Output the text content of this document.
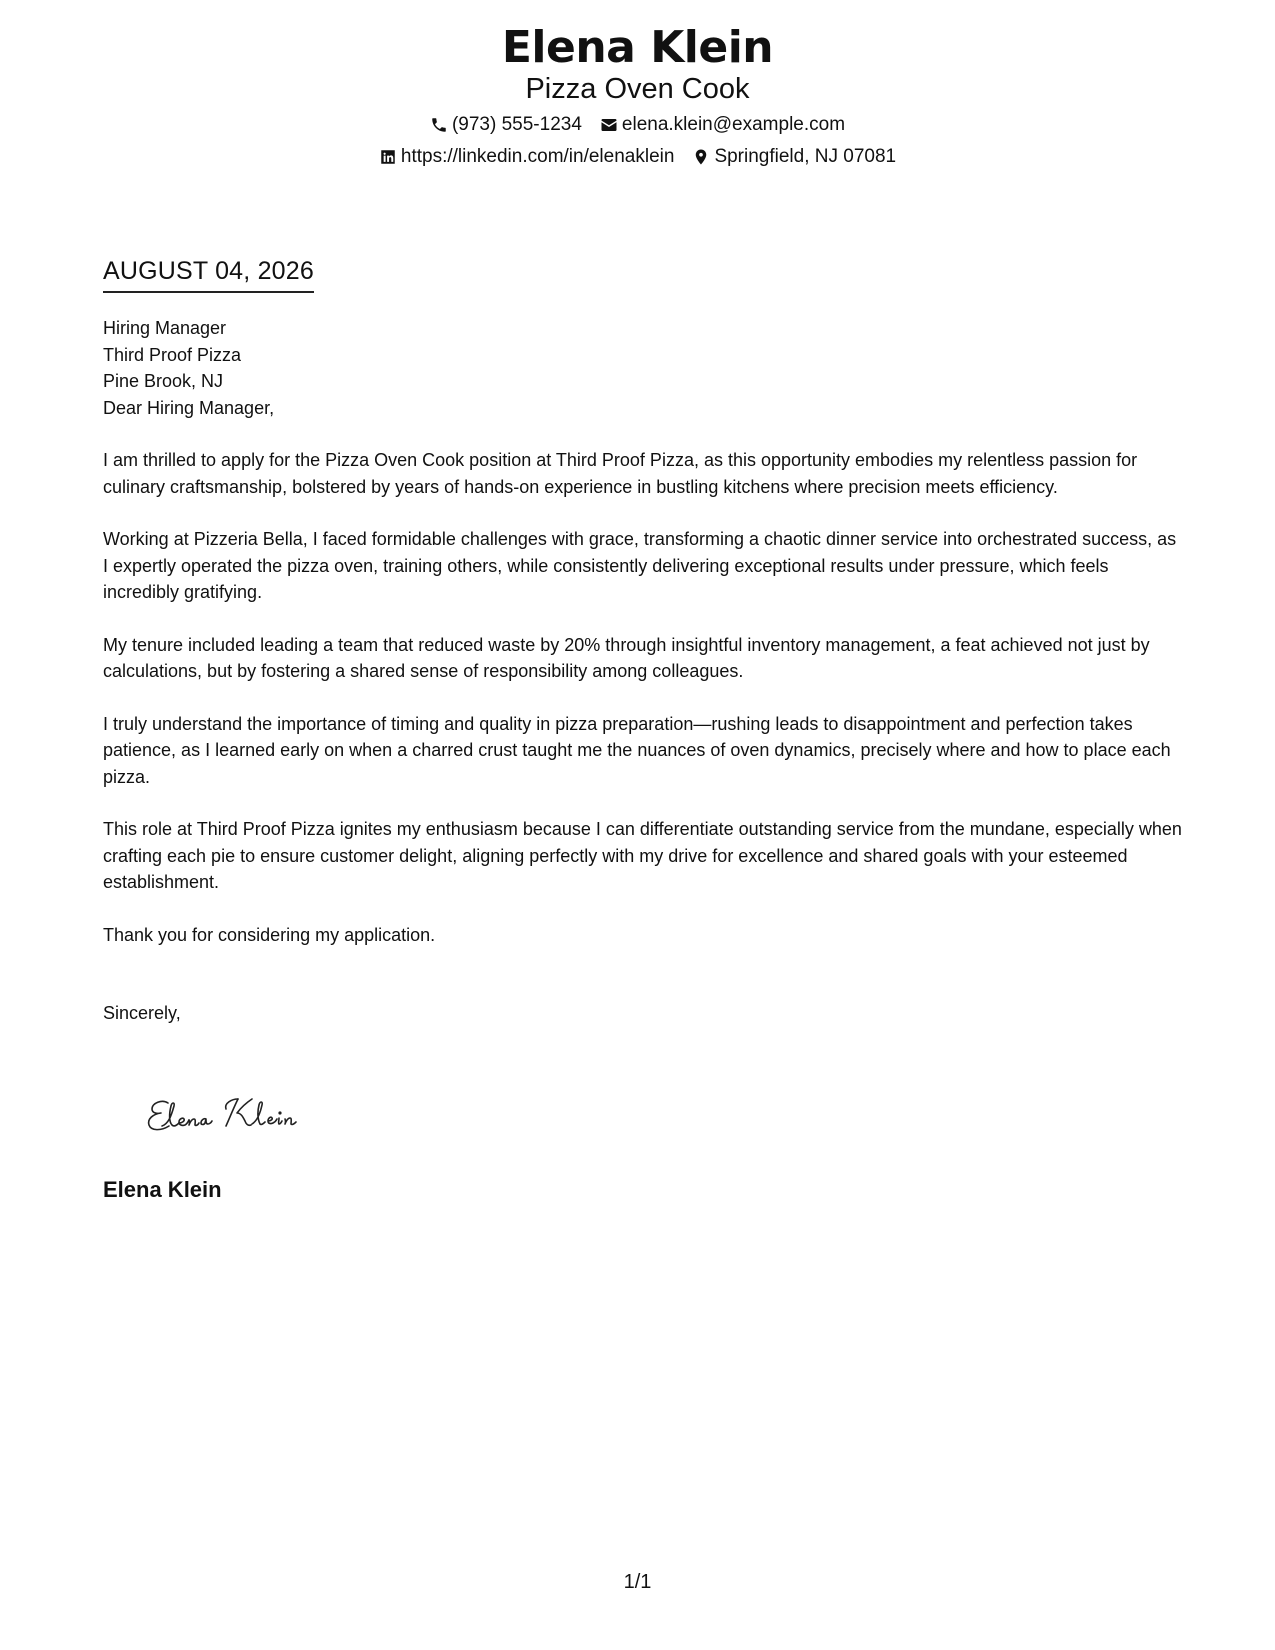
Elena Klein
Pizza Oven Cook
(973) 555-1234 elena.klein@example.com
https://linkedin.com/in/elenaklein Springfield, NJ 07081
AUGUST 04, 2026
Hiring Manager
Third Proof Pizza
Pine Brook, NJ
Dear Hiring Manager,

I am thrilled to apply for the Pizza Oven Cook position at Third Proof Pizza, as this opportunity embodies my relentless passion for culinary craftsmanship, bolstered by years of hands-on experience in bustling kitchens where precision meets efficiency.

Working at Pizzeria Bella, I faced formidable challenges with grace, transforming a chaotic dinner service into orchestrated success, as I expertly operated the pizza oven, training others, while consistently delivering exceptional results under pressure, which feels incredibly gratifying.

My tenure included leading a team that reduced waste by 20% through insightful inventory management, a feat achieved not just by calculations, but by fostering a shared sense of responsibility among colleagues.

I truly understand the importance of timing and quality in pizza preparation—rushing leads to disappointment and perfection takes patience, as I learned early on when a charred crust taught me the nuances of oven dynamics, precisely where and how to place each pizza.

This role at Third Proof Pizza ignites my enthusiasm because I can differentiate outstanding service from the mundane, especially when crafting each pie to ensure customer delight, aligning perfectly with my drive for excellence and shared goals with your esteemed establishment.

Thank you for considering my application.

Sincerely,
Elena Klein
1/1
